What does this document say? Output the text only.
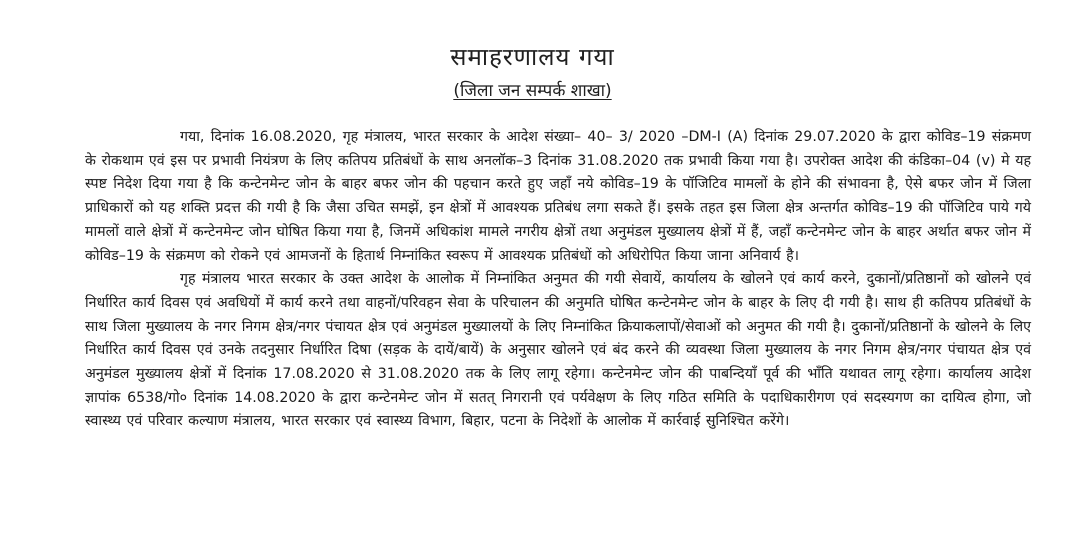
समाहरणालय गया
(जिला जन सम्पर्क शाखा)

गया, दिनांक 16.08.2020, गृह मंत्रालय, भारत सरकार के आदेश संख्या– 40– 3/ 2020 –DM-I (A) दिनांक 29.07.2020 के द्वारा कोविड–19 संक्रमण के रोकथाम एवं इस पर प्रभावी नियंत्रण के लिए कतिपय प्रतिबंधों के साथ अनलॉक–3 दिनांक 31.08.2020 तक प्रभावी किया गया है। उपरोक्त आदेश की कंडिका–04 (v) मे यह स्पष्ट निदेश दिया गया है कि कन्टेनमेन्ट जोन के बाहर बफर जोन की पहचान करते हुए जहाँ नये कोविड–19 के पॉजिटिव मामलों के होने की संभावना है, ऐसे बफर जोन में जिला प्राधिकारों को यह शक्ति प्रदत्त की गयी है कि जैसा उचित समझें, इन क्षेत्रों में आवश्यक प्रतिबंध लगा सकते हैं। इसके तहत इस जिला क्षेत्र अन्तर्गत कोविड–19 की पॉजिटिव पाये गये मामलों वाले क्षेत्रों में कन्टेनमेन्ट जोन घोषित किया गया है, जिनमें अधिकांश मामले नगरीय क्षेत्रों तथा अनुमंडल मुख्यालय क्षेत्रों में हैं, जहाँ कन्टेनमेन्ट जोन के बाहर अर्थात बफर जोन में कोविड–19 के संक्रमण को रोकने एवं आमजनों के हितार्थ निम्नांकित स्वरूप में आवश्यक प्रतिबंधों को अधिरोपित किया जाना अनिवार्य है।

गृह मंत्रालय भारत सरकार के उक्त आदेश के आलोक में निम्नांकित अनुमत की गयी सेवायें, कार्यालय के खोलने एवं कार्य करने, दुकानों/प्रतिष्ठानों को खोलने एवं निर्धारित कार्य दिवस एवं अवधियों में कार्य करने तथा वाहनों/परिवहन सेवा के परिचालन की अनुमति घोषित कन्टेनमेन्ट जोन के बाहर के लिए दी गयी है। साथ ही कतिपय प्रतिबंधों के साथ जिला मुख्यालय के नगर निगम क्षेत्र/नगर पंचायत क्षेत्र एवं अनुमंडल मुख्यालयों के लिए निम्नांकित क्रियाकलापों/सेवाओं को अनुमत की गयी है। दुकानों/प्रतिष्ठानों के खोलने के लिए निर्धारित कार्य दिवस एवं उनके तदनुसार निर्धारित दिषा (सड़क के दायें/बायें) के अनुसार खोलने एवं बंद करने की व्यवस्था जिला मुख्यालय के नगर निगम क्षेत्र/नगर पंचायत क्षेत्र एवं अनुमंडल मुख्यालय क्षेत्रों में दिनांक 17.08.2020 से 31.08.2020 तक के लिए लागू रहेगा। कन्टेनमेन्ट जोन की पाबन्दियाँ पूर्व की भाँति यथावत लागू रहेगा। कार्यालय आदेश ज्ञापांक 6538/गो० दिनांक 14.08.2020 के द्वारा कन्टेनमेन्ट जोन में सतत् निगरानी एवं पर्यवेक्षण के लिए गठित समिति के पदाधिकारीगण एवं सदस्यगण का दायित्व होगा, जो स्वास्थ्य एवं परिवार कल्याण मंत्रालय, भारत सरकार एवं स्वास्थ्य विभाग, बिहार, पटना के निदेशों के आलोक में कार्रवाई सुनिश्चित करेंगे।
